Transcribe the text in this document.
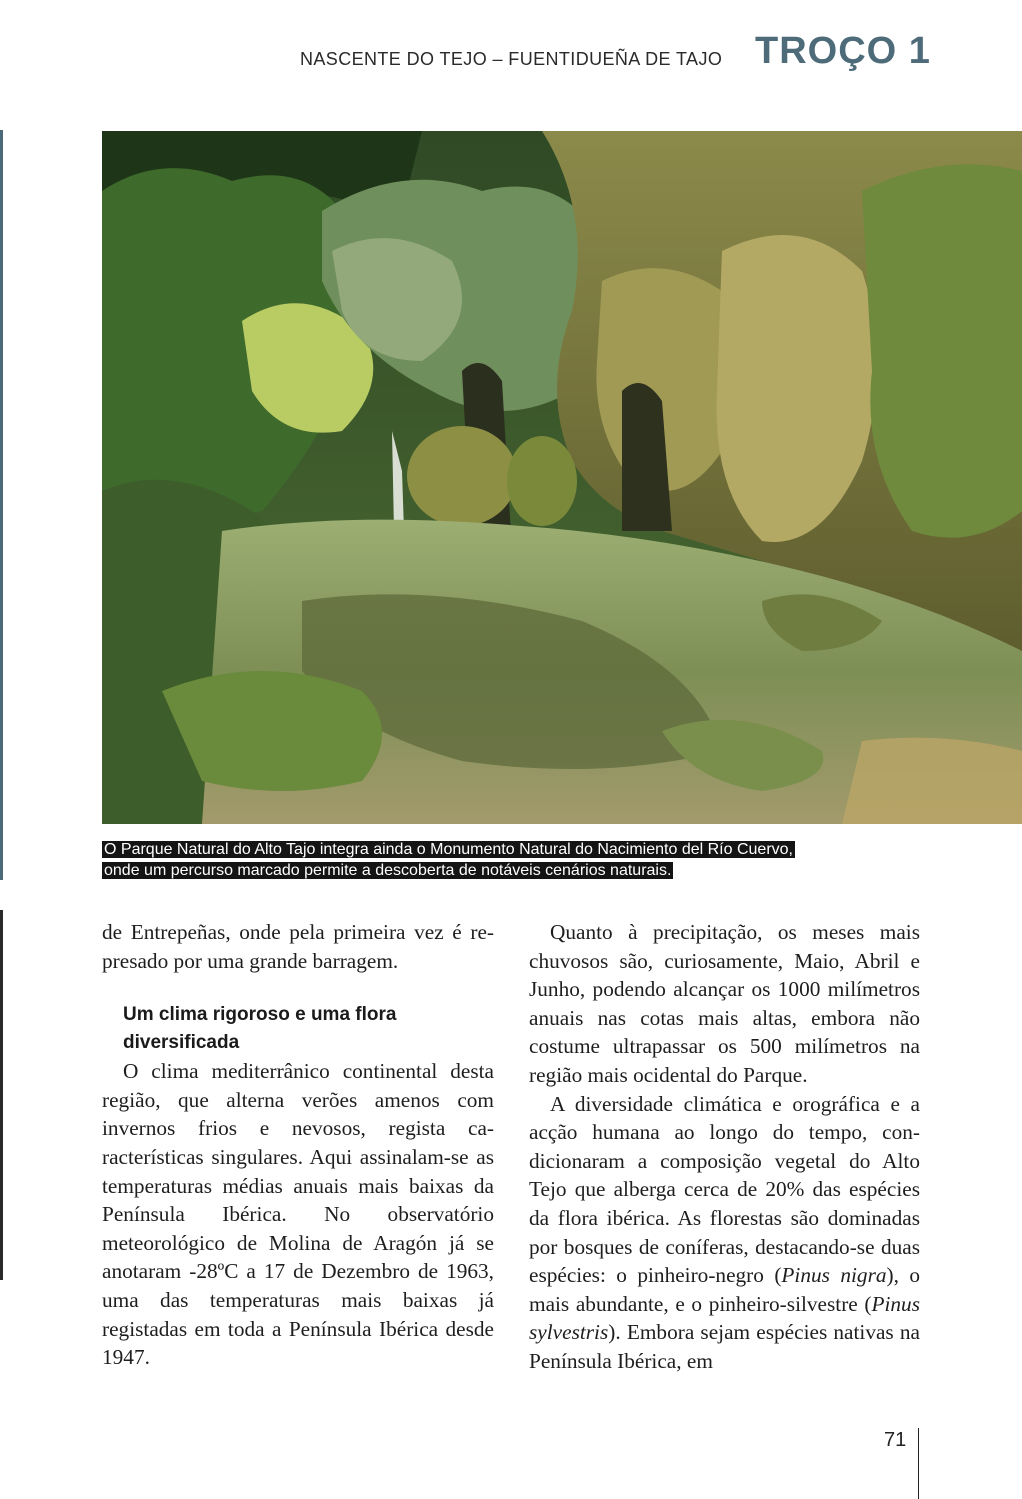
NASCENTE DO TEJO – FUENTIDUEÑA DE TAJO TROÇO 1
O Parque Natural do Alto Tajo integra ainda o Monumento Natural do Nacimiento del Río Cuervo,
onde um percurso marcado permite a descoberta de notáveis cenários naturais.

de Entrepeñas, onde pela primeira vez é represado por uma grande barragem.

Um clima rigoroso e uma flora
diversificada

O clima mediterrânico continental desta região, que alterna verões amenos com invernos frios e nevosos, regista características singulares. Aqui assinalam-se as temperaturas médias anuais mais baixas da Península Ibérica. No observatório meteorológico de Molina de Aragón já se anotaram -28ºC a 17 de Dezembro de 1963, uma das temperaturas mais baixas já registadas em toda a Península Ibérica desde 1947.

Quanto à precipitação, os meses mais chuvosos são, curiosamente, Maio, Abril e Junho, podendo alcançar os 1000 milímetros anuais nas cotas mais altas, embora não costume ultrapassar os 500 milímetros na região mais ocidental do Parque.

A diversidade climática e orográfica e a acção humana ao longo do tempo, condicionaram a composição vegetal do Alto Tejo que alberga cerca de 20% das espécies da flora ibérica. As florestas são dominadas por bosques de coníferas, destacando-se duas espécies: o pinheiro-negro (Pinus nigra), o mais abundante, e o pinheiro-silvestre (Pinus sylvestris). Embora sejam espécies nativas na Península Ibérica, em

71
